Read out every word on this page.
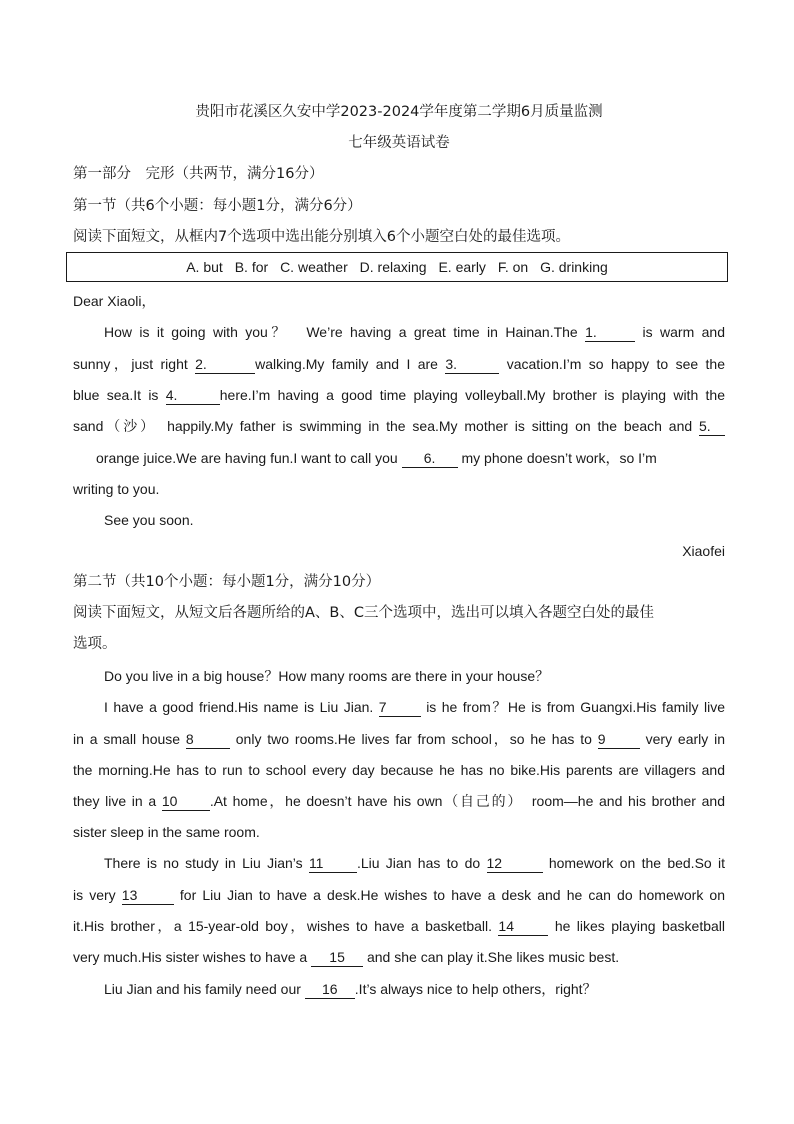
贵阳市花溪区久安中学2023-2024学年度第二学期6月质量监测
七年级英语试卷
第一部分　完形（共两节，满分16分）
第一节（共6个小题：每小题1分，满分6分）
阅读下面短文，从框内7个选项中选出能分别填入6个小题空白处的最佳选项。
A. but B. for C. weather D. relaxing E. early F. on G. drinking
Dear Xiaoli，
How is it going with you？　We’re having a great time in Hainan.The 1.	is warm and
sunny，just right 2.	walking.My family and I are 3.	vacation.I’m so happy to see the
blue sea.It is 4.	here.I’m having a good time playing volleyball.My brother is playing with the
sand（沙）　happily.My father is swimming in the sea.My mother is sitting on the beach and 5.
orange juice.We are having fun.I want to call you 6. my phone doesn’t work，so I’m
writing to you.
See you soon.
Xiaofei
第二节（共10个小题：每小题1分，满分10分）
阅读下面短文，从短文后各题所给的A、B、C三个选项中，选出可以填入各题空白处的最佳
选项。
Do you live in a big house？How many rooms are there in your house？
I have a good friend.His name is Liu Jian. 7 is he from？He is from Guangxi.His family live
in a small house 8	only two rooms.He lives far from school，so he has to 9 very early in
the morning.He has to run to school every day because he has no bike.His parents are villagers and
they live in a 10 .At home，he doesn’t have his own（自己的）　room—he and his brother and
sister sleep in the same room.
There is no study in Liu Jian’s 11 .Liu Jian has to do 12	homework on the bed.So it
is very 13	for Liu Jian to have a desk.He wishes to have a desk and he can do homework on
it.His brother，a 15-year-old boy，wishes to have a basketball. 14 he likes playing basketball
very much.His sister wishes to have a 15 and she can play it.She likes music best.
Liu Jian and his family need our 16 .It’s always nice to help others，right？
